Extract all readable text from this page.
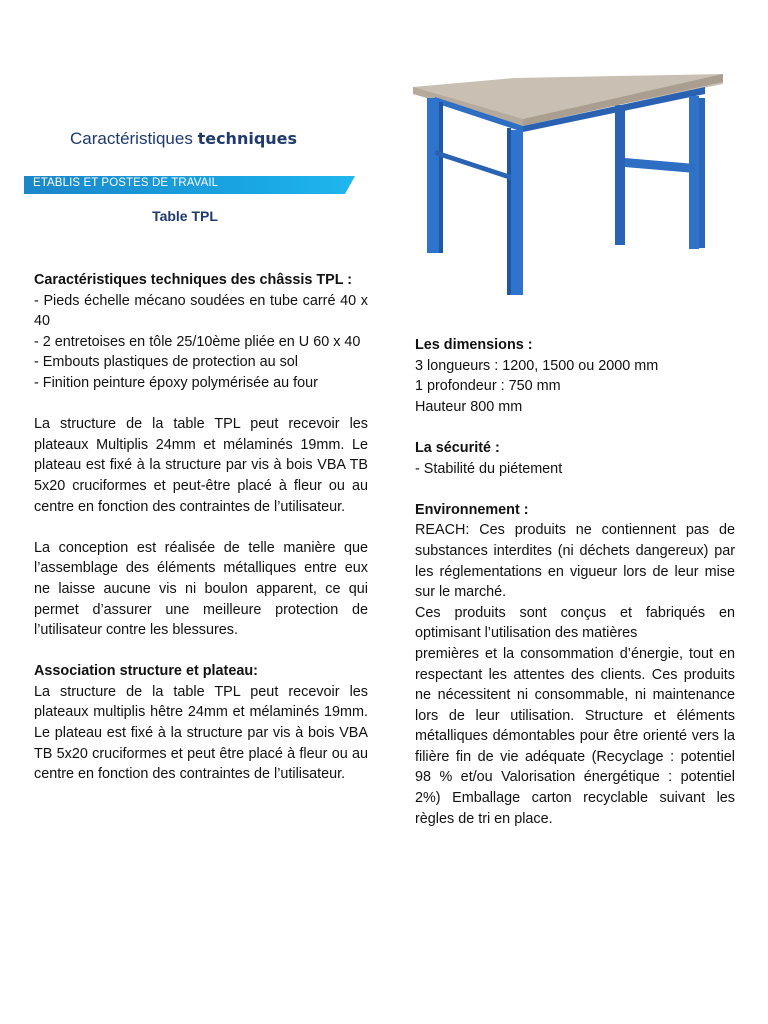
Caractéristiques techniques
ETABLIS ET POSTES DE TRAVAIL
Table TPL

Caractéristiques techniques des châssis TPL :

- Pieds échelle mécano soudées en tube carré 40 x 40

- 2 entretoises en tôle 25/10ème pliée en U 60 x 40

- Embouts plastiques de protection au sol

- Finition peinture époxy polymérisée au four

La structure de la table TPL peut recevoir les plateaux Multiplis 24mm et mélaminés 19mm. Le plateau est fixé à la structure par vis à bois VBA TB 5x20 cruciformes et peut-être placé à fleur ou au centre en fonction des contraintes de l’utilisateur.

La conception est réalisée de telle manière que l’assemblage des éléments métalliques entre eux ne laisse aucune vis ni boulon apparent, ce qui permet d’assurer une meilleure protection de l’utilisateur contre les blessures.

Association structure et plateau:

La structure de la table TPL peut recevoir les plateaux multiplis hêtre 24mm et mélaminés 19mm. Le plateau est fixé à la structure par vis à bois VBA TB 5x20 cruciformes et peut être placé à fleur ou au centre en fonction des contraintes de l’utilisateur.

Les dimensions :

3 longueurs : 1200, 1500 ou 2000 mm

1 profondeur : 750 mm

Hauteur 800 mm

La sécurité :

- Stabilité du piétement

Environnement :

REACH: Ces produits ne contiennent pas de substances interdites (ni déchets dangereux) par les réglementations en vigueur lors de leur mise sur le marché.

Ces produits sont conçus et fabriqués en optimisant l’utilisation des matières

premières et la consommation d’énergie, tout en respectant les attentes des clients. Ces produits ne nécessitent ni consommable, ni maintenance lors de leur utilisation. Structure et éléments métalliques démontables pour être orienté vers la filière fin de vie adéquate (Recyclage : potentiel 98 % et/ou Valorisation énergétique : potentiel 2%) Emballage carton recyclable suivant les règles de tri en place.
